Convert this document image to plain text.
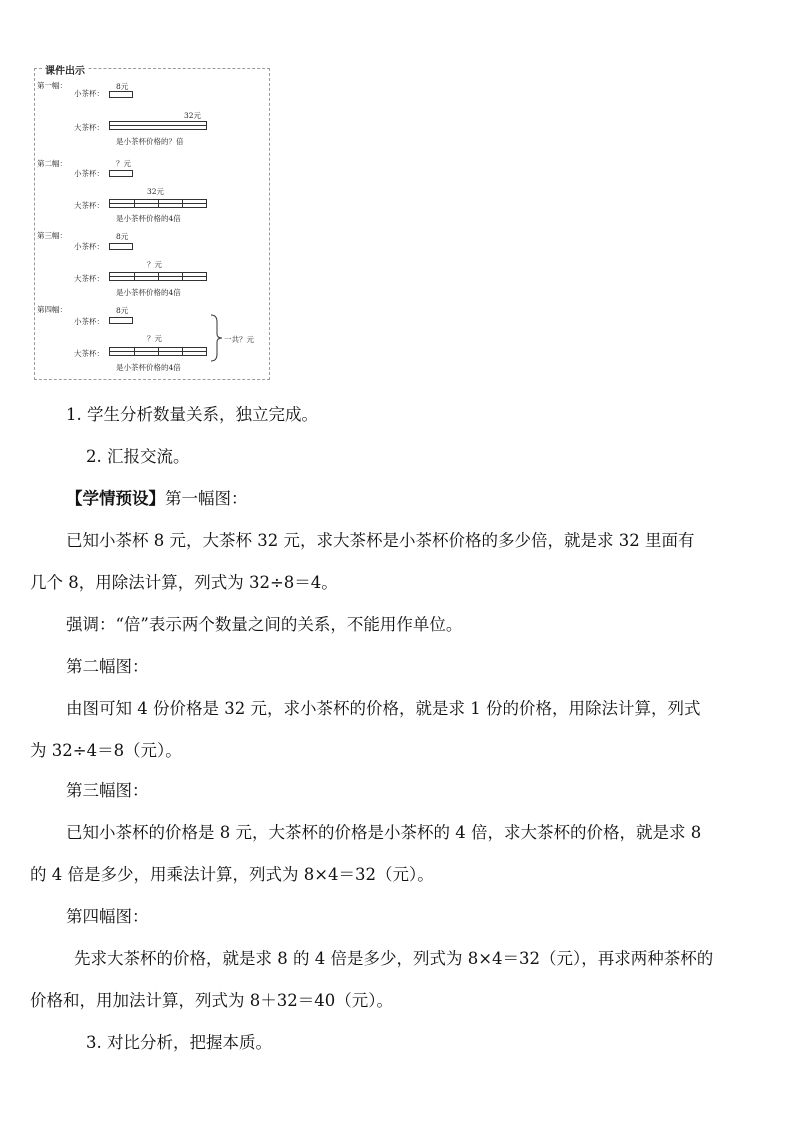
课件出示
第一幅：	8元
小茶杯：
32元
大茶杯：
是小茶杯价格的？倍
第二幅：	？元
小茶杯：
32元
大茶杯：
是小茶杯价格的4倍
第三幅：	8元
小茶杯：
？元
大茶杯：
是小茶杯价格的4倍
第四幅：	8元
小茶杯：
？元
大茶杯：
是小茶杯价格的4倍
一共？元
1. 学生分析数量关系，独立完成。
2. 汇报交流。
【学情预设】第一幅图：
已知小茶杯 8 元，大茶杯 32 元，求大茶杯是小茶杯价格的多少倍，就是求 32 里面有
几个 8，用除法计算，列式为 32÷8＝4。
强调：“倍”表示两个数量之间的关系，不能用作单位。
第二幅图：
由图可知 4 份价格是 32 元，求小茶杯的价格，就是求 1 份的价格，用除法计算，列式
为 32÷4＝8（元）。
第三幅图：
已知小茶杯的价格是 8 元，大茶杯的价格是小茶杯的 4 倍，求大茶杯的价格，就是求 8
的 4 倍是多少，用乘法计算，列式为 8×4＝32（元）。
第四幅图：
先求大茶杯的价格，就是求 8 的 4 倍是多少，列式为 8×4＝32（元），再求两种茶杯的
价格和，用加法计算，列式为 8＋32＝40（元）。
3. 对比分析，把握本质。
